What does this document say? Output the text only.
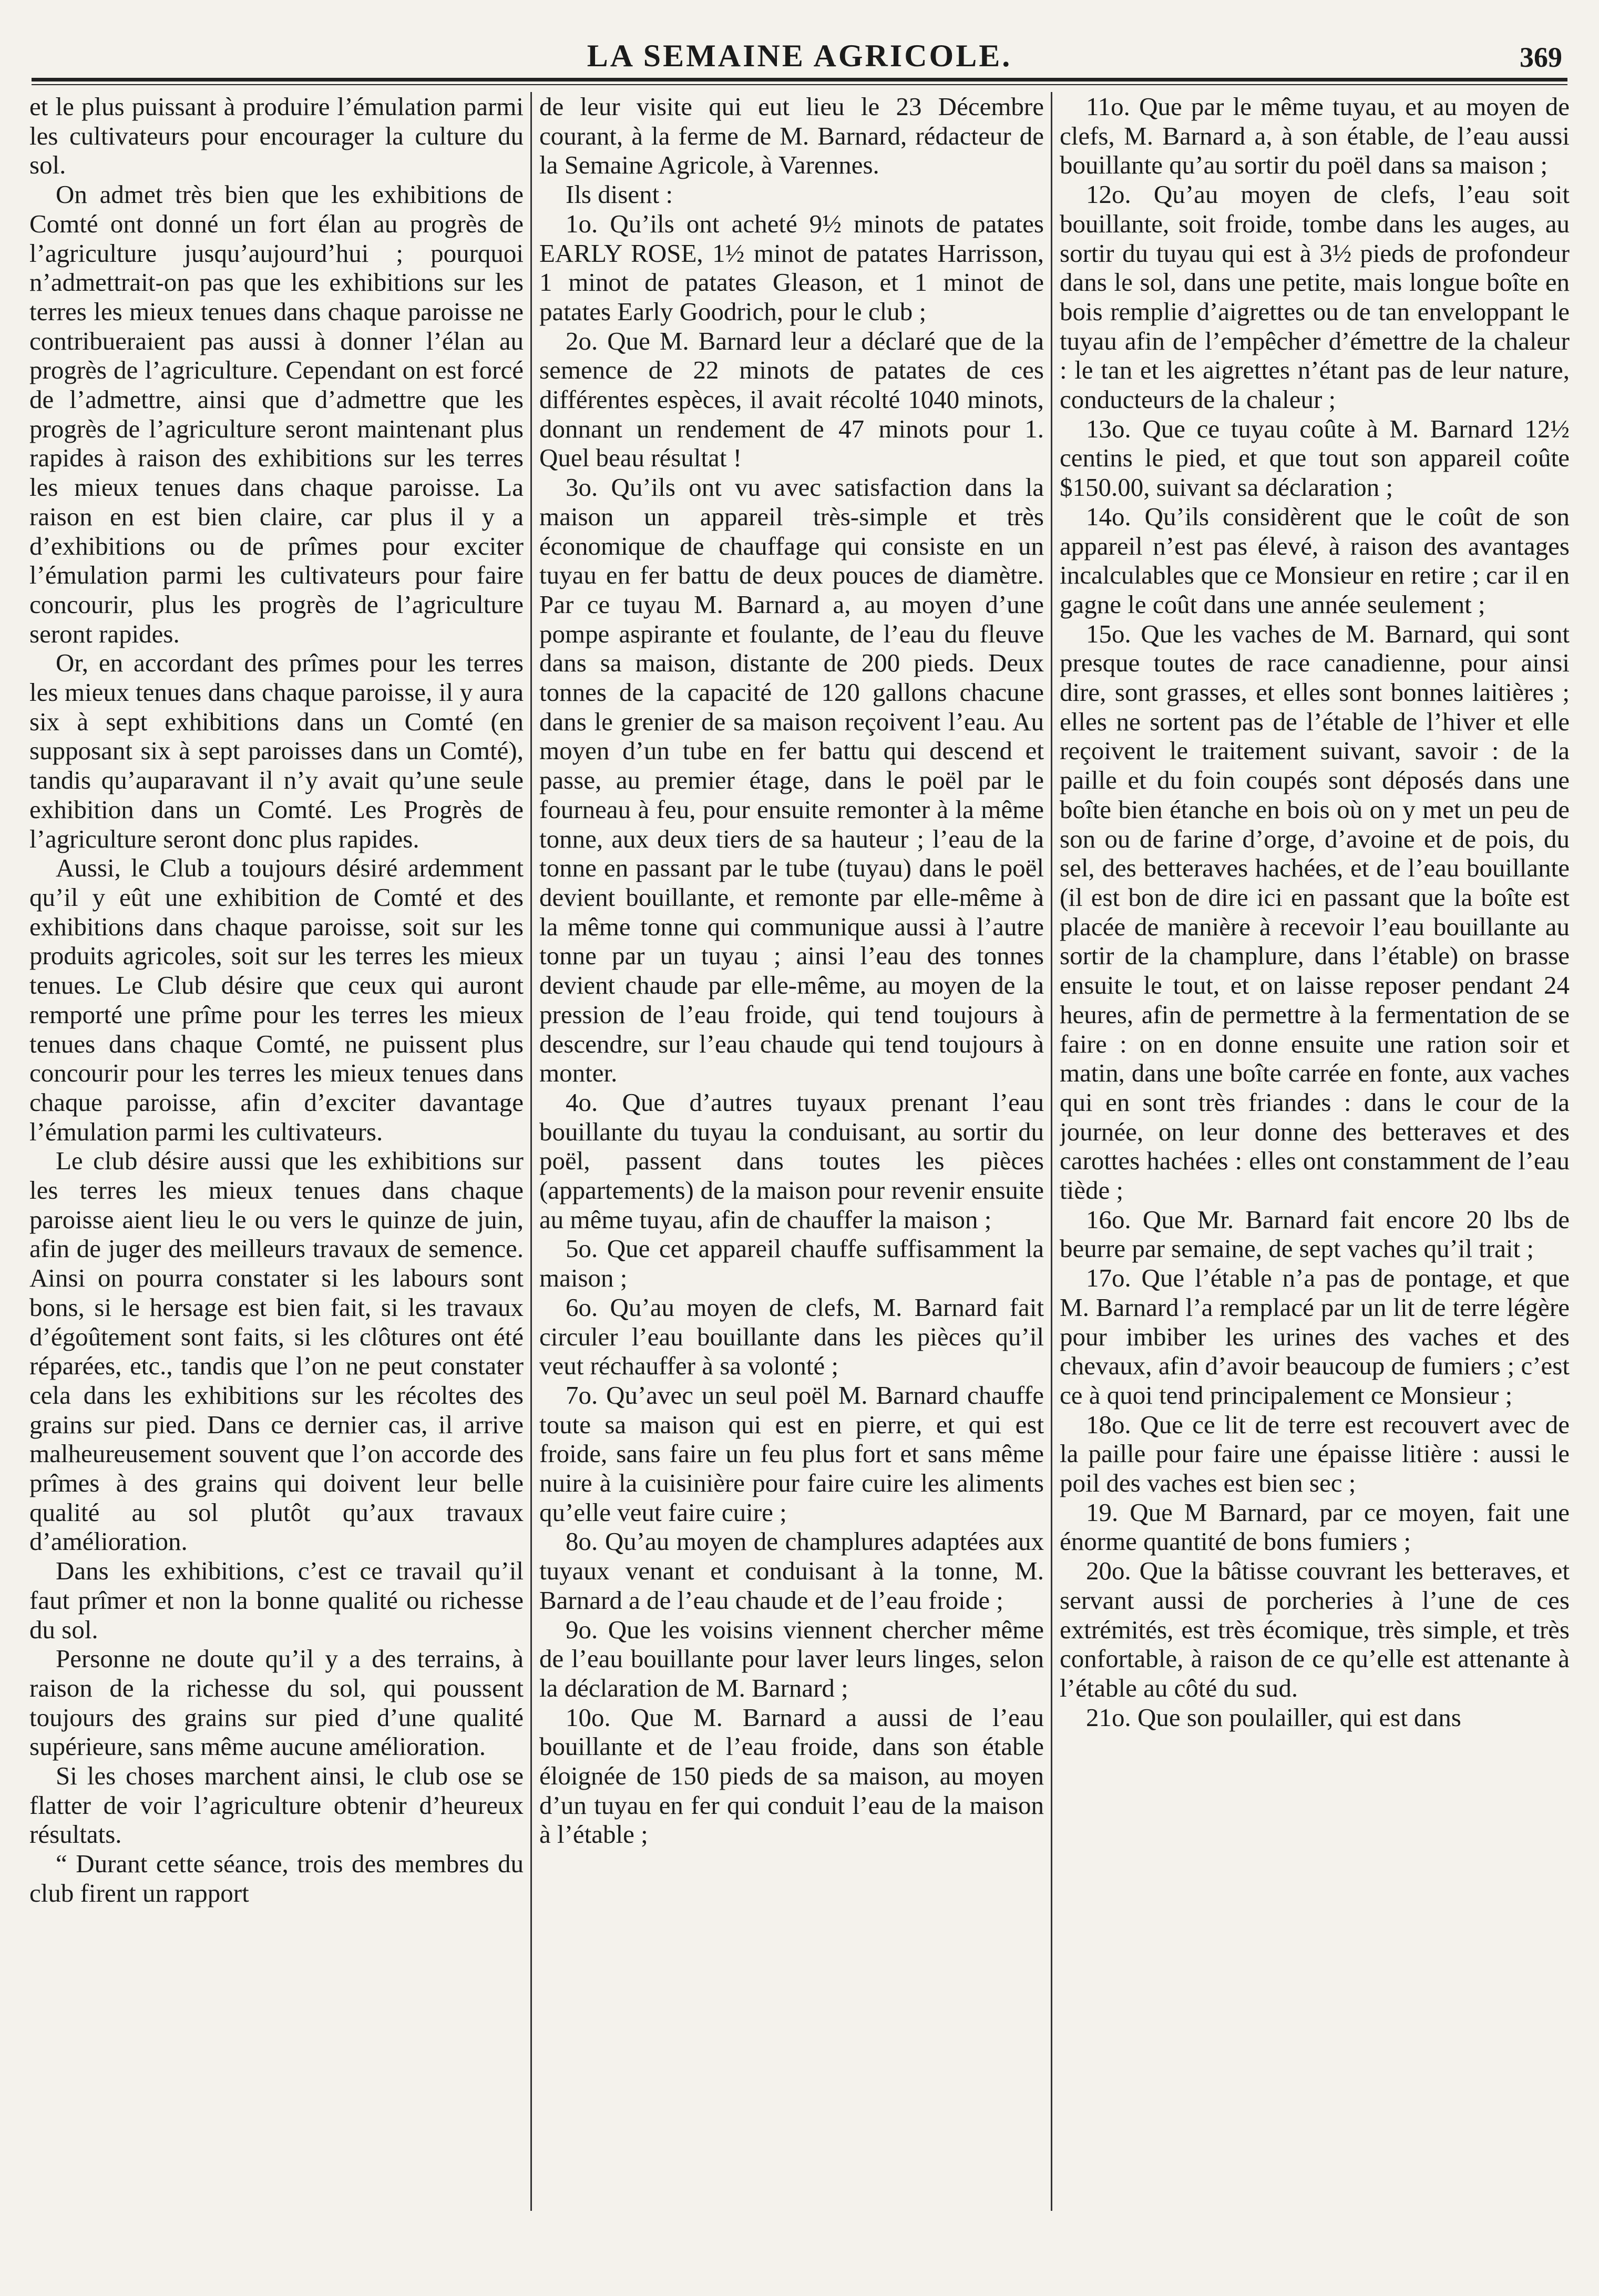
LA SEMAINE AGRICOLE.	369

et le plus puissant à produire l’émulation parmi les cultivateurs pour encourager la culture du sol.

On admet très bien que les exhibitions de Comté ont donné un fort élan au progrès de l’agriculture jusqu’aujourd’hui ; pourquoi n’admettrait-on pas que les exhibitions sur les terres les mieux tenues dans chaque paroisse ne contribueraient pas aussi à donner l’élan au progrès de l’agriculture. Cependant on est forcé de l’admettre, ainsi que d’admettre que les progrès de l’agriculture seront maintenant plus rapides à raison des exhibitions sur les terres les mieux tenues dans chaque paroisse. La raison en est bien claire, car plus il y a d’exhibitions ou de prîmes pour exciter l’émulation parmi les cultivateurs pour faire concourir, plus les progrès de l’agriculture seront rapides.

Or, en accordant des prîmes pour les terres les mieux tenues dans chaque paroisse, il y aura six à sept exhibitions dans un Comté (en supposant six à sept paroisses dans un Comté), tandis qu’auparavant il n’y avait qu’une seule exhibition dans un Comté. Les Progrès de l’agriculture seront donc plus rapides.

Aussi, le Club a toujours désiré ardemment qu’il y eût une exhibition de Comté et des exhibitions dans chaque paroisse, soit sur les produits agricoles, soit sur les terres les mieux tenues. Le Club désire que ceux qui auront remporté une prîme pour les terres les mieux tenues dans chaque Comté, ne puissent plus concourir pour les terres les mieux tenues dans chaque paroisse, afin d’exciter davantage l’émulation parmi les cultivateurs.

Le club désire aussi que les exhibitions sur les terres les mieux tenues dans chaque paroisse aient lieu le ou vers le quinze de juin, afin de juger des meilleurs travaux de semence. Ainsi on pourra constater si les labours sont bons, si le hersage est bien fait, si les travaux d’égoûtement sont faits, si les clôtures ont été réparées, etc., tandis que l’on ne peut constater cela dans les exhibitions sur les récoltes des grains sur pied. Dans ce dernier cas, il arrive malheureusement souvent que l’on accorde des prîmes à des grains qui doivent leur belle qualité au sol plutôt qu’aux travaux d’amélioration.

Dans les exhibitions, c’est ce travail qu’il faut prîmer et non la bonne qualité ou richesse du sol.

Personne ne doute qu’il y a des terrains, à raison de la richesse du sol, qui poussent toujours des grains sur pied d’une qualité supérieure, sans même aucune amélioration.

Si les choses marchent ainsi, le club ose se flatter de voir l’agriculture obtenir d’heureux résultats.

“ Durant cette séance, trois des membres du club firent un rapport

de leur visite qui eut lieu le 23 Décembre courant, à la ferme de M. Barnard, rédacteur de la Semaine Agricole, à Varennes.

Ils disent :

1o. Qu’ils ont acheté 9½ minots de patates EARLY ROSE, 1½ minot de patates Harrisson, 1 minot de patates Gleason, et 1 minot de patates Early Goodrich, pour le club ;

2o. Que M. Barnard leur a déclaré que de la semence de 22 minots de patates de ces différentes espèces, il avait récolté 1040 minots, donnant un rendement de 47 minots pour 1. Quel beau résultat !

3o. Qu’ils ont vu avec satisfaction dans la maison un appareil très-simple et très économique de chauffage qui consiste en un tuyau en fer battu de deux pouces de diamètre. Par ce tuyau M. Barnard a, au moyen d’une pompe aspirante et foulante, de l’eau du fleuve dans sa maison, distante de 200 pieds. Deux tonnes de la capacité de 120 gallons chacune dans le grenier de sa maison reçoivent l’eau. Au moyen d’un tube en fer battu qui descend et passe, au premier étage, dans le poël par le fourneau à feu, pour ensuite remonter à la même tonne, aux deux tiers de sa hauteur ; l’eau de la tonne en passant par le tube (tuyau) dans le poël devient bouillante, et remonte par elle-même à la même tonne qui communique aussi à l’autre tonne par un tuyau ; ainsi l’eau des tonnes devient chaude par elle-même, au moyen de la pression de l’eau froide, qui tend toujours à descendre, sur l’eau chaude qui tend toujours à monter.

4o. Que d’autres tuyaux prenant l’eau bouillante du tuyau la conduisant, au sortir du poël, passent dans toutes les pièces (appartements) de la maison pour revenir ensuite au même tuyau, afin de chauffer la maison ;

5o. Que cet appareil chauffe suffisamment la maison ;

6o. Qu’au moyen de clefs, M. Barnard fait circuler l’eau bouillante dans les pièces qu’il veut réchauffer à sa volonté ;

7o. Qu’avec un seul poël M. Barnard chauffe toute sa maison qui est en pierre, et qui est froide, sans faire un feu plus fort et sans même nuire à la cuisinière pour faire cuire les aliments qu’elle veut faire cuire ;

8o. Qu’au moyen de champlures adaptées aux tuyaux venant et conduisant à la tonne, M. Barnard a de l’eau chaude et de l’eau froide ;

9o. Que les voisins viennent chercher même de l’eau bouillante pour laver leurs linges, selon la déclaration de M. Barnard ;

10o. Que M. Barnard a aussi de l’eau bouillante et de l’eau froide, dans son étable éloignée de 150 pieds de sa maison, au moyen d’un tuyau en fer qui conduit l’eau de la maison à l’étable ;

11o. Que par le même tuyau, et au moyen de clefs, M. Barnard a, à son étable, de l’eau aussi bouillante qu’au sortir du poël dans sa maison ;

12o. Qu’au moyen de clefs, l’eau soit bouillante, soit froide, tombe dans les auges, au sortir du tuyau qui est à 3½ pieds de profondeur dans le sol, dans une petite, mais longue boîte en bois remplie d’aigrettes ou de tan enveloppant le tuyau afin de l’empêcher d’émettre de la chaleur : le tan et les aigrettes n’étant pas de leur nature, conducteurs de la chaleur ;

13o. Que ce tuyau coûte à M. Barnard 12½ centins le pied, et que tout son appareil coûte $150.00, suivant sa déclaration ;

14o. Qu’ils considèrent que le coût de son appareil n’est pas élevé, à raison des avantages incalculables que ce Monsieur en retire ; car il en gagne le coût dans une année seulement ;

15o. Que les vaches de M. Barnard, qui sont presque toutes de race canadienne, pour ainsi dire, sont grasses, et elles sont bonnes laitières ; elles ne sortent pas de l’étable de l’hiver et elle reçoivent le traitement suivant, savoir : de la paille et du foin coupés sont déposés dans une boîte bien étanche en bois où on y met un peu de son ou de farine d’orge, d’avoine et de pois, du sel, des betteraves hachées, et de l’eau bouillante (il est bon de dire ici en passant que la boîte est placée de manière à recevoir l’eau bouillante au sortir de la champlure, dans l’étable) on brasse ensuite le tout, et on laisse reposer pendant 24 heures, afin de permettre à la fermentation de se faire : on en donne ensuite une ration soir et matin, dans une boîte carrée en fonte, aux vaches qui en sont très friandes : dans le cour de la journée, on leur donne des betteraves et des carottes hachées : elles ont constamment de l’eau tiède ;

16o. Que Mr. Barnard fait encore 20 lbs de beurre par semaine, de sept vaches qu’il trait ;

17o. Que l’étable n’a pas de pontage, et que M. Barnard l’a remplacé par un lit de terre légère pour imbiber les urines des vaches et des chevaux, afin d’avoir beaucoup de fumiers ; c’est ce à quoi tend principalement ce Monsieur ;

18o. Que ce lit de terre est recouvert avec de la paille pour faire une épaisse litière : aussi le poil des vaches est bien sec ;

19. Que M Barnard, par ce moyen, fait une énorme quantité de bons fumiers ;

20o. Que la bâtisse couvrant les betteraves, et servant aussi de porcheries à l’une de ces extrémités, est très écomique, très simple, et très confortable, à raison de ce qu’elle est attenante à l’étable au côté du sud.

21o. Que son poulailler, qui est dans
